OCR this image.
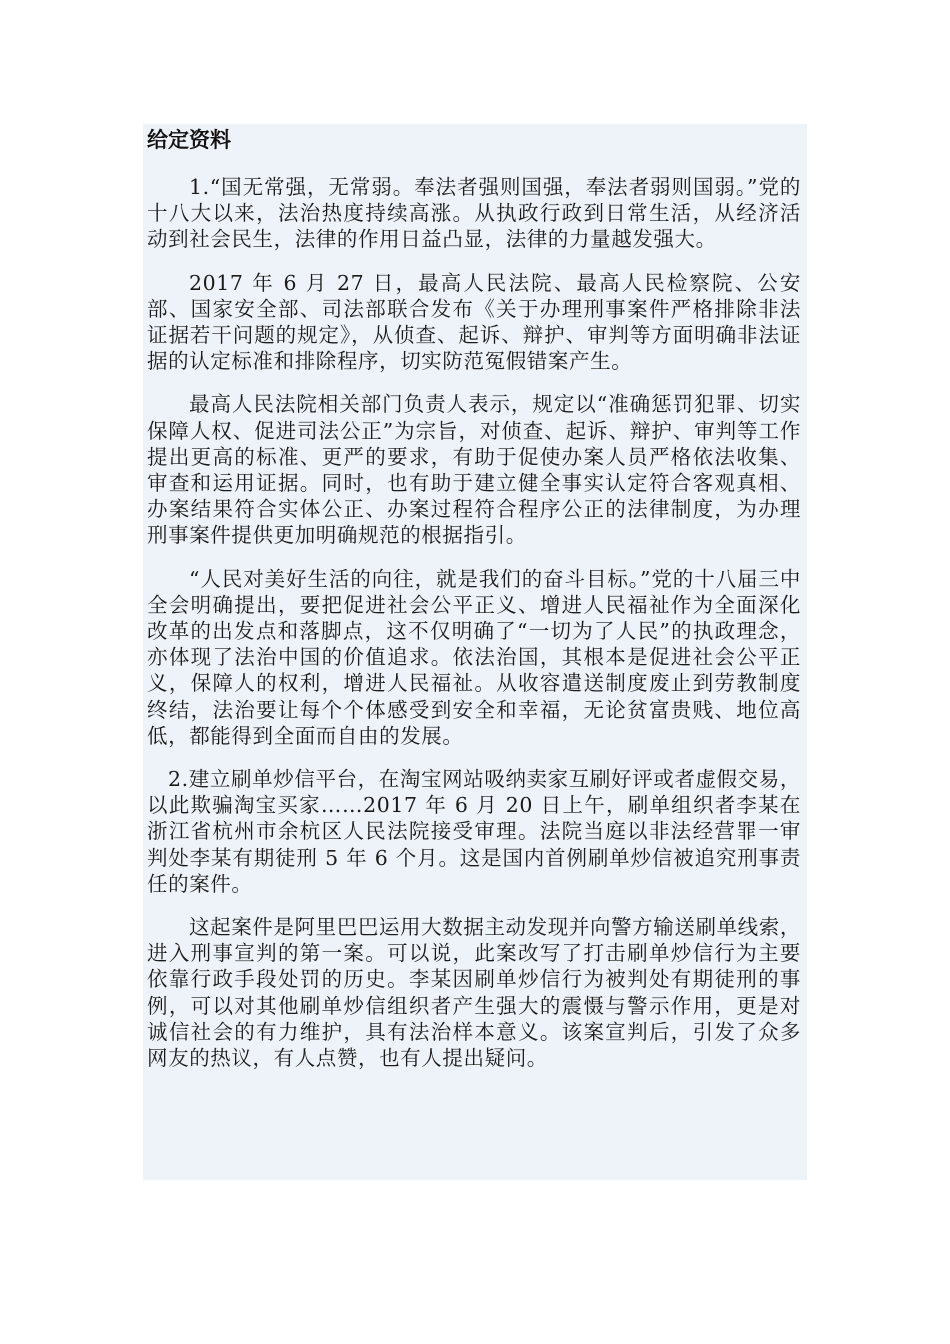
给定资料

1.“国无常强，无常弱。奉法者强则国强，奉法者弱则国弱。”党的十八大以来，法治热度持续高涨。从执政行政到日常生活，从经济活动到社会民生，法律的作用日益凸显，法律的力量越发强大。

2017 年 6 月 27 日，最高人民法院、最高人民检察院、公安部、国家安全部、司法部联合发布《关于办理刑事案件严格排除非法证据若干问题的规定》，从侦查、起诉、辩护、审判等方面明确非法证据的认定标准和排除程序，切实防范冤假错案产生。

最高人民法院相关部门负责人表示，规定以“准确惩罚犯罪、切实保障人权、促进司法公正”为宗旨，对侦查、起诉、辩护、审判等工作提出更高的标准、更严的要求，有助于促使办案人员严格依法收集、审查和运用证据。同时，也有助于建立健全事实认定符合客观真相、办案结果符合实体公正、办案过程符合程序公正的法律制度，为办理刑事案件提供更加明确规范的根据指引。

“人民对美好生活的向往，就是我们的奋斗目标。”党的十八届三中全会明确提出，要把促进社会公平正义、增进人民福祉作为全面深化改革的出发点和落脚点，这不仅明确了“一切为了人民”的执政理念，亦体现了法治中国的价值追求。依法治国，其根本是促进社会公平正义，保障人的权利，增进人民福祉。从收容遣送制度废止到劳教制度终结，法治要让每个个体感受到安全和幸福，无论贫富贵贱、地位高低，都能得到全面而自由的发展。

2.建立刷单炒信平台，在淘宝网站吸纳卖家互刷好评或者虚假交易，以此欺骗淘宝买家……2017 年 6 月 20 日上午，刷单组织者李某在浙江省杭州市余杭区人民法院接受审理。法院当庭以非法经营罪一审判处李某有期徒刑 5 年 6 个月。这是国内首例刷单炒信被追究刑事责任的案件。

这起案件是阿里巴巴运用大数据主动发现并向警方输送刷单线索，进入刑事宣判的第一案。可以说，此案改写了打击刷单炒信行为主要依靠行政手段处罚的历史。李某因刷单炒信行为被判处有期徒刑的事例，可以对其他刷单炒信组织者产生强大的震慑与警示作用，更是对诚信社会的有力维护，具有法治样本意义。该案宣判后，引发了众多网友的热议，有人点赞，也有人提出疑问。
